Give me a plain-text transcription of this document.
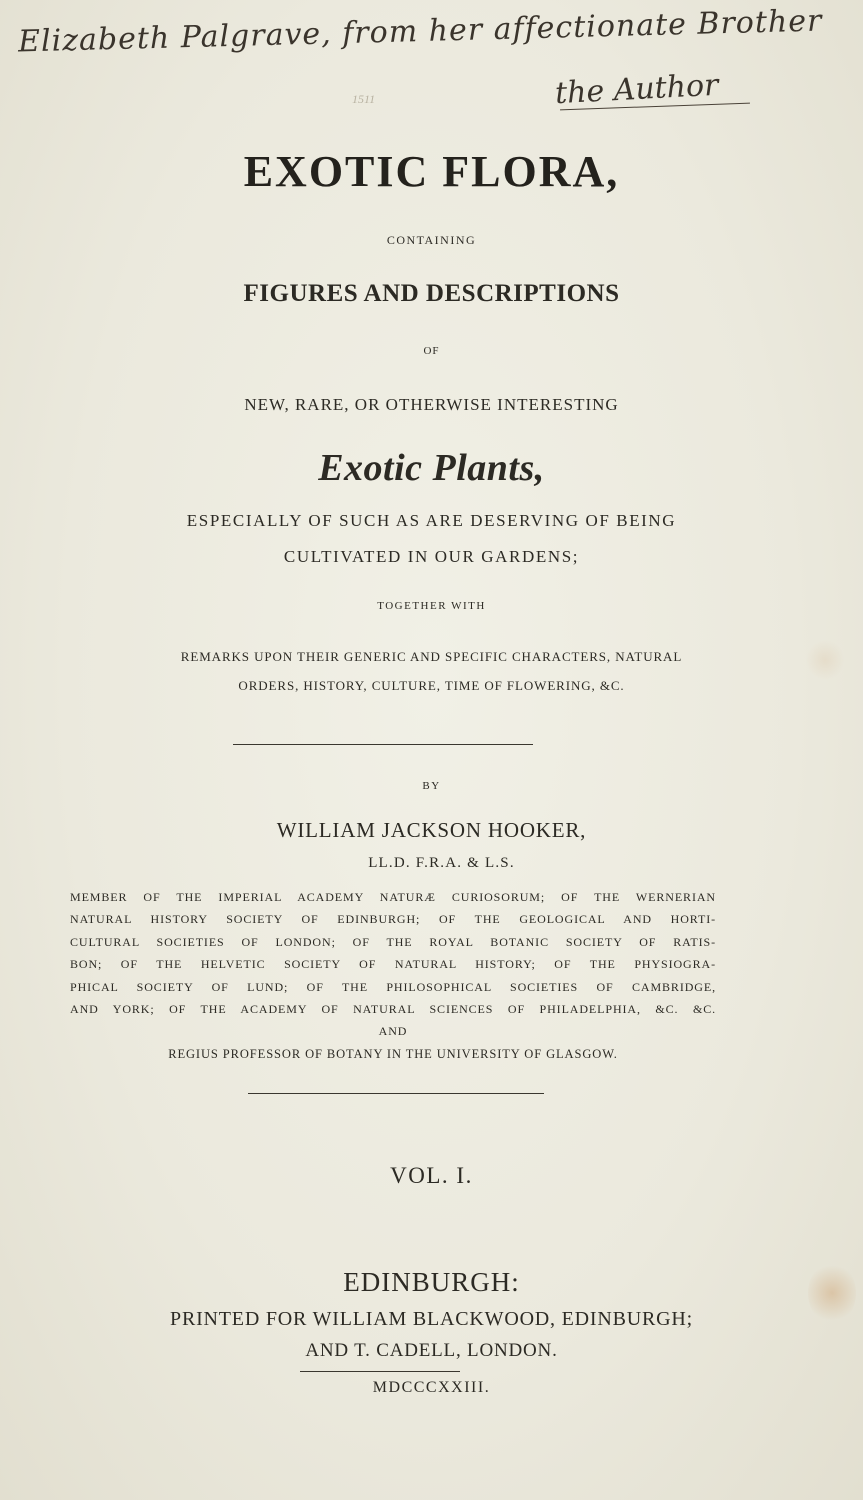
Elizabeth Palgrave, from her affectionate Brother
the Author
1511
EXOTIC FLORA,
CONTAINING
FIGURES AND DESCRIPTIONS
OF
NEW, RARE, OR OTHERWISE INTERESTING
Exotic Plants,
ESPECIALLY OF SUCH AS ARE DESERVING OF BEING
CULTIVATED IN OUR GARDENS;
TOGETHER WITH
REMARKS UPON THEIR GENERIC AND SPECIFIC CHARACTERS, NATURAL
ORDERS, HISTORY, CULTURE, TIME OF FLOWERING, &C.
BY
WILLIAM JACKSON HOOKER,
LL.D. F.R.A. & L.S.
MEMBER OF THE IMPERIAL ACADEMY NATURÆ CURIOSORUM; OF THE WERNERIAN
NATURAL HISTORY SOCIETY OF EDINBURGH; OF THE GEOLOGICAL AND HORTI-
CULTURAL SOCIETIES OF LONDON; OF THE ROYAL BOTANIC SOCIETY OF RATIS-
BON; OF THE HELVETIC SOCIETY OF NATURAL HISTORY; OF THE PHYSIOGRA-
PHICAL SOCIETY OF LUND; OF THE PHILOSOPHICAL SOCIETIES OF CAMBRIDGE,
AND YORK; OF THE ACADEMY OF NATURAL SCIENCES OF PHILADELPHIA, &C. &C.
AND
REGIUS PROFESSOR OF BOTANY IN THE UNIVERSITY OF GLASGOW.
VOL. I.
EDINBURGH:
PRINTED FOR WILLIAM BLACKWOOD, EDINBURGH;
AND T. CADELL, LONDON.
MDCCCXXIII.
